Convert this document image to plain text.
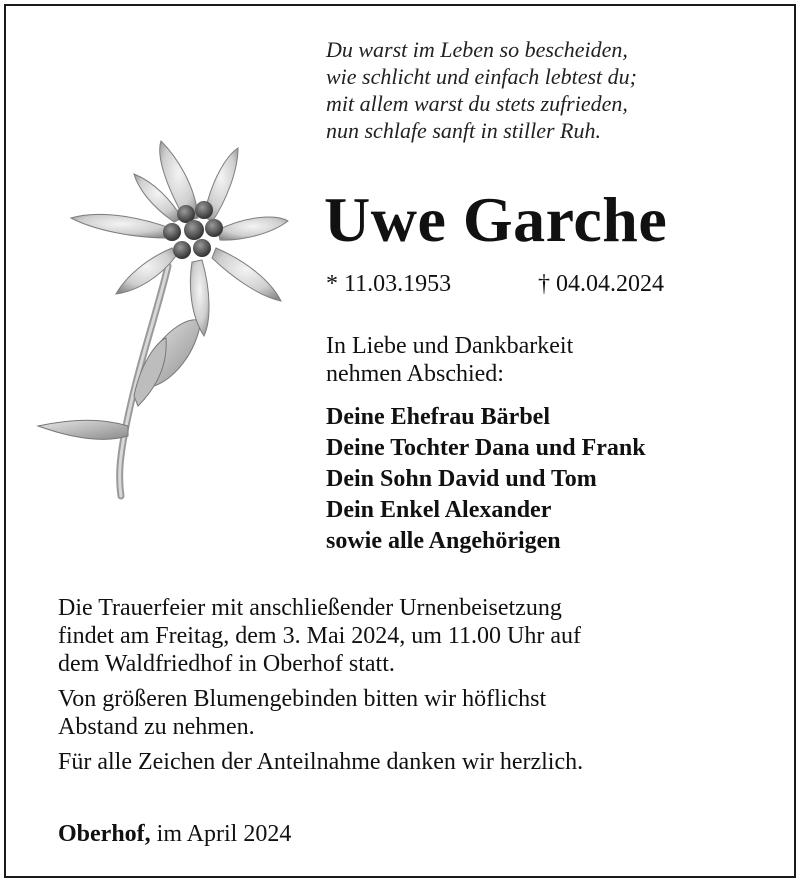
Du warst im Leben so bescheiden,
wie schlicht und einfach lebtest du;
mit allem warst du stets zufrieden,
nun schlafe sanft in stiller Ruh.
Uwe Garche
* 11.03.1953	† 04.04.2024
In Liebe und Dankbarkeit
nehmen Abschied:
Deine Ehefrau Bärbel
Deine Tochter Dana und Frank
Dein Sohn David und Tom
Dein Enkel Alexander
sowie alle Angehörigen

Die Trauerfeier mit anschließender Urnenbeisetzung
findet am Freitag, dem 3. Mai 2024, um 11.00 Uhr auf
dem Waldfriedhof in Oberhof statt.

Von größeren Blumengebinden bitten wir höflichst
Abstand zu nehmen.

Für alle Zeichen der Anteilnahme danken wir herzlich.

Oberhof, im April 2024
